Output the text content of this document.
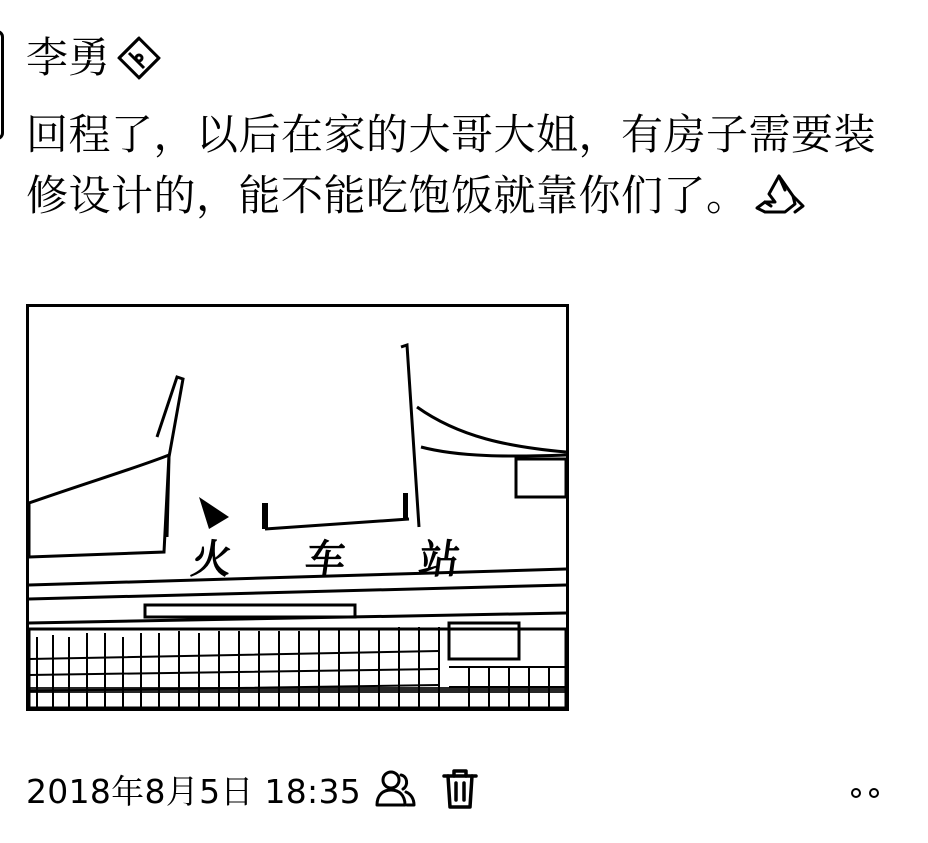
李勇
回程了，以后在家的大哥大姐，有房子需要装修设计的，能不能吃饱饭就靠你们了。
火 车 站
2018年8月5日 18:35
